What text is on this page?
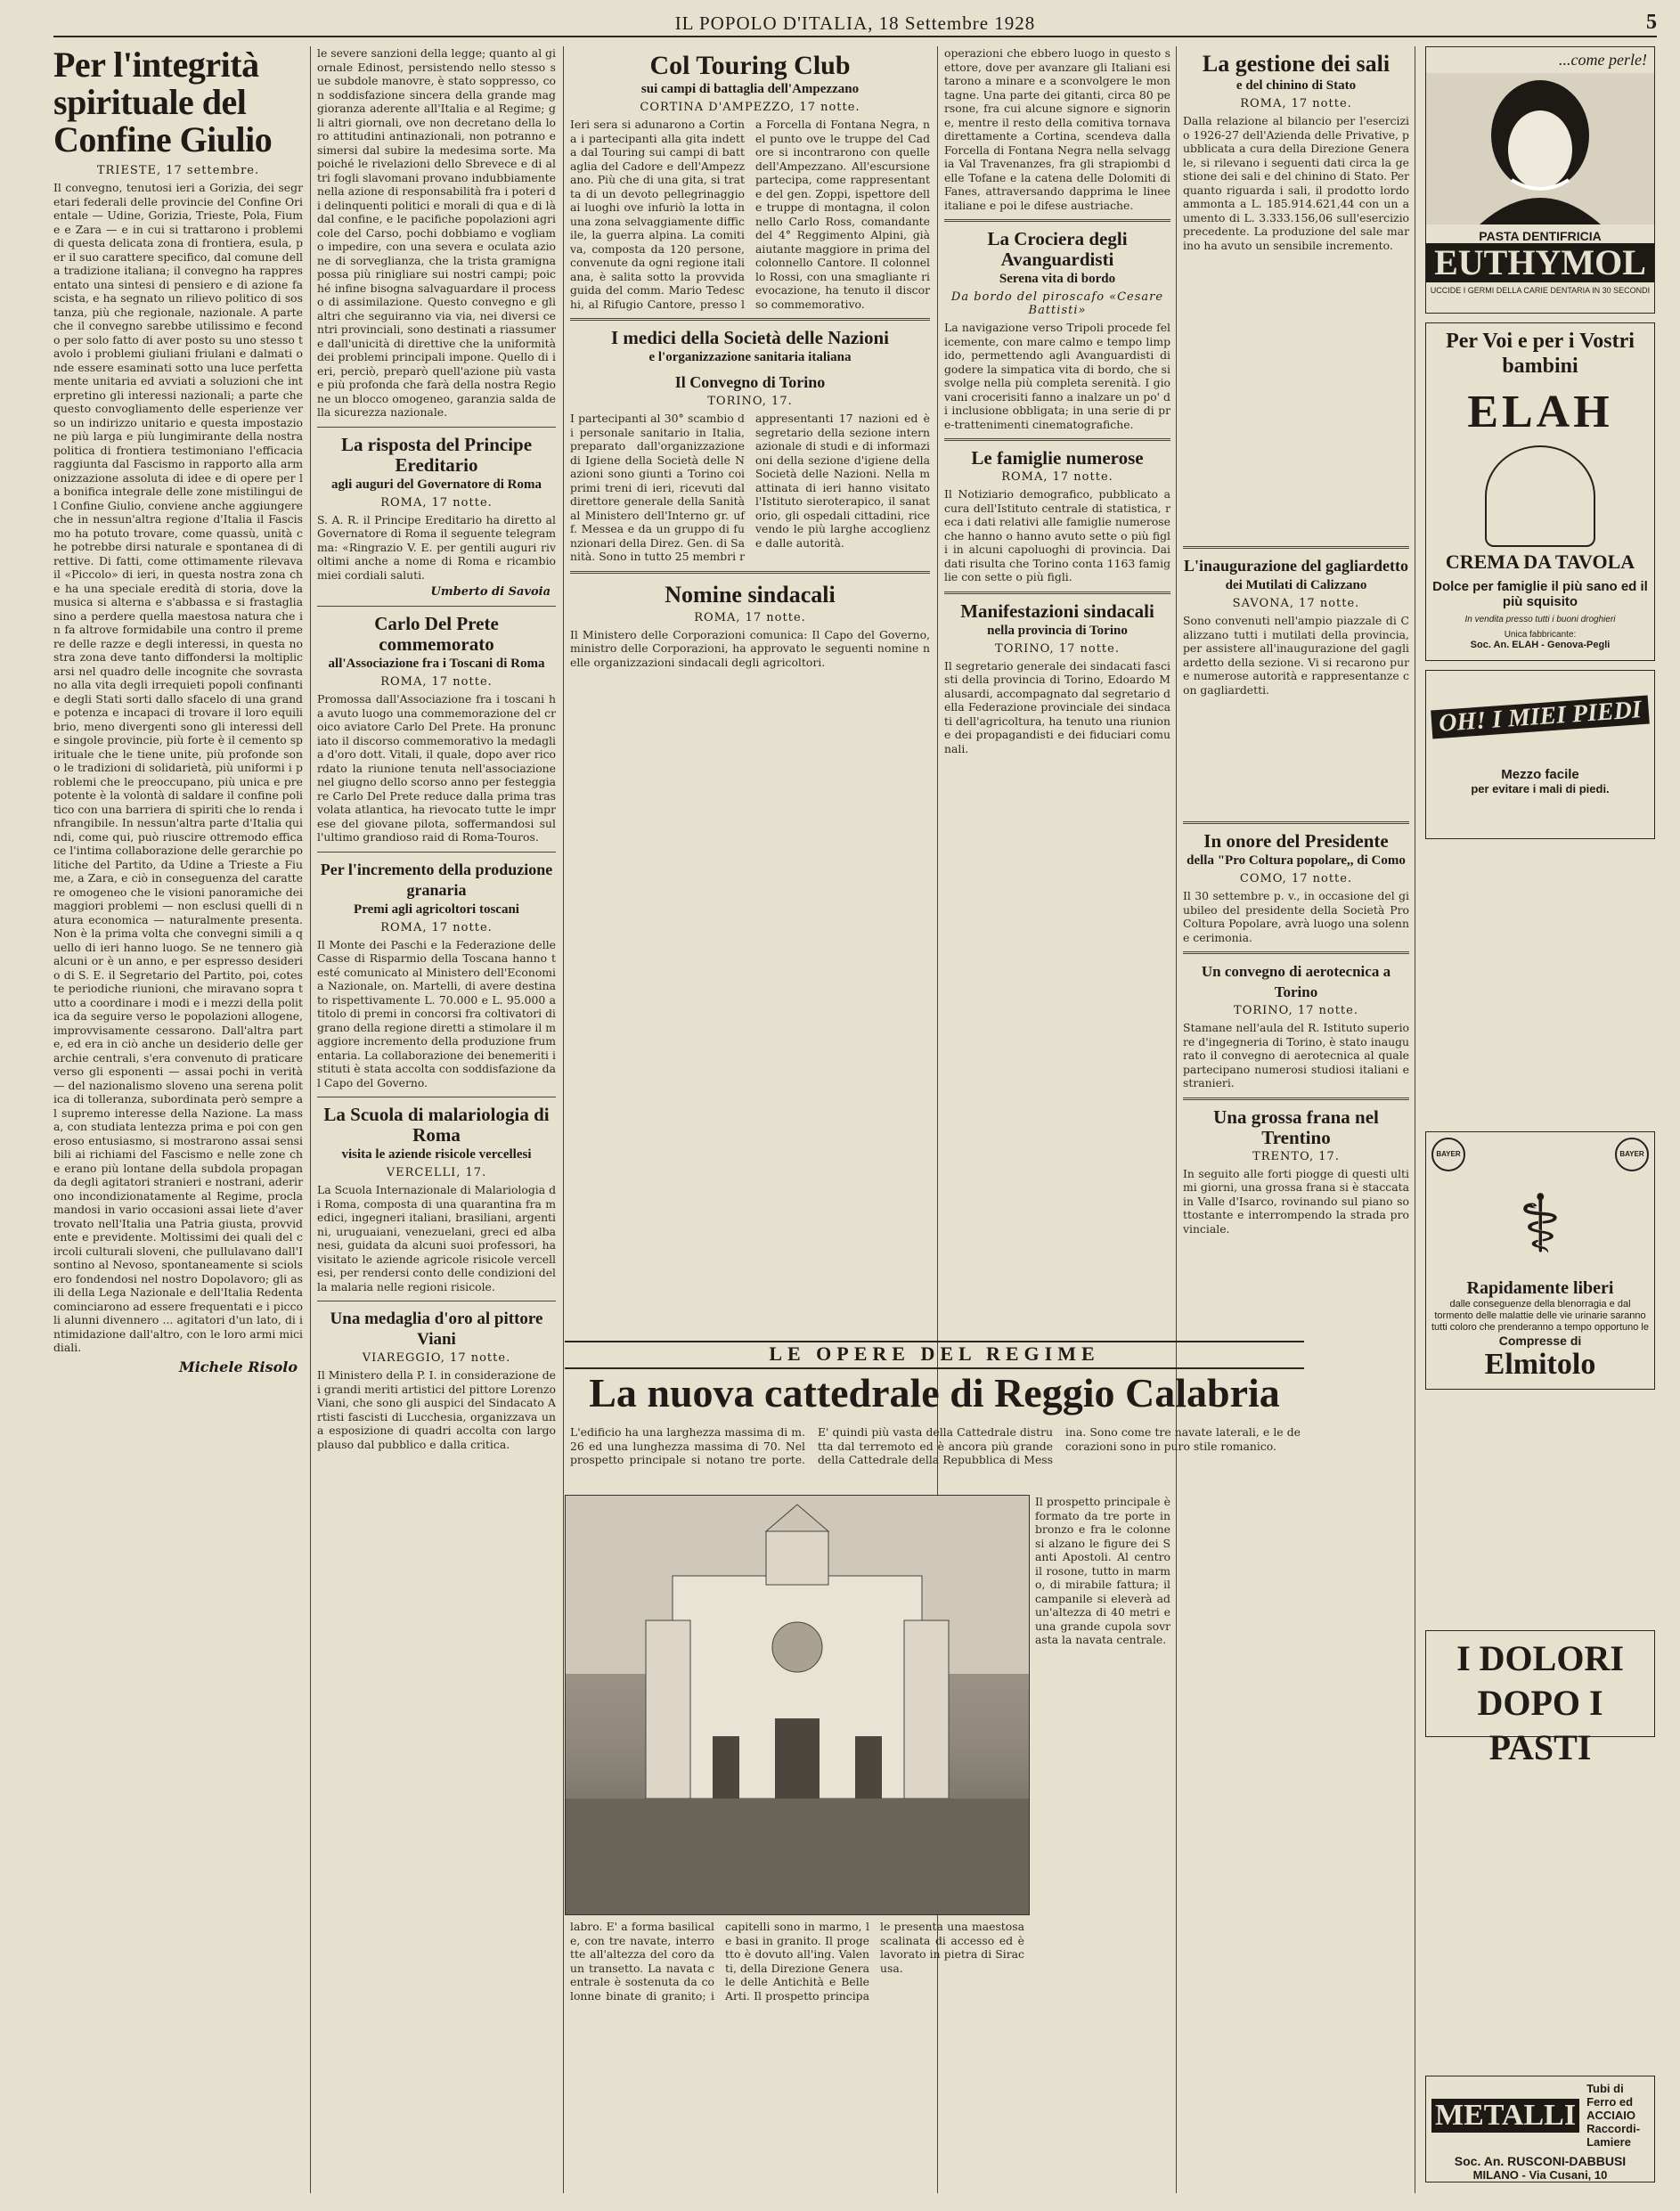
IL POPOLO D'ITALIA, 18 Settembre 1928	5
Per l'integrità spirituale del Confine Giulio
TRIESTE, 17 settembre.

Il convegno, tenutosi ieri a Gorizia, dei segretari federali delle provincie del Confine Orientale — Udine, Gorizia, Trieste, Pola, Fiume e Zara — e in cui si trattarono i problemi di questa delicata zona di frontiera, esula, per il suo carattere specifico, dal comune della tradizione italiana; il convegno ha rappresentato una sintesi di pensiero e di azione fascista, e ha segnato un rilievo politico di sostanza, più che regionale, nazionale. A parte che il convegno sarebbe utilissimo e fecondo per solo fatto di aver posto su uno stesso tavolo i problemi giuliani friulani e dalmati onde essere esaminati sotto una luce perfettamente unitaria ed avviati a soluzioni che interpretino gli interessi nazionali; a parte che questo convogliamento delle esperienze verso un indirizzo unitario e questa impostazione più larga e più lungimirante della nostra politica di frontiera testimoniano l'efficacia raggiunta dal Fascismo in rapporto alla armonizzazione assoluta di idee e di opere per la bonifica integrale delle zone mistilingui del Confine Giulio, conviene anche aggiungere che in nessun'altra regione d'Italia il Fascismo ha potuto trovare, come quassù, unità che potrebbe dirsi naturale e spontanea di direttive. Di fatti, come ottimamente rilevava il «Piccolo» di ieri, in questa nostra zona che ha una speciale eredità di storia, dove la musica si alterna e s'abbassa e si frastaglia sino a perdere quella maestosa natura che in fa altrove formidabile una contro il premere delle razze e degli interessi, in questa nostra zona deve tanto diffondersi la moltiplicarsi nel quadro delle incognite che sovrastano alla vita degli irrequieti popoli confinanti e degli Stati sorti dallo sfacelo di una grande potenza e incapaci di trovare il loro equilibrio, meno divergenti sono gli interessi delle singole provincie, più forte è il cemento spirituale che le tiene unite, più profonde sono le tradizioni di solidarietà, più uniformi i problemi che le preoccupano, più unica e prepotente è la volontà di saldare il confine politico con una barriera di spiriti che lo renda infrangibile. In nessun'altra parte d'Italia quindi, come qui, può riuscire ottremodo efficace l'intima collaborazione delle gerarchie politiche del Partito, da Udine a Trieste a Fiume, a Zara, e ciò in conseguenza del carattere omogeneo che le visioni panoramiche dei maggiori problemi — non esclusi quelli di natura economica — naturalmente presenta. Non è la prima volta che convegni simili a quello di ieri hanno luogo. Se ne tennero già alcuni or è un anno, e per espresso desiderio di S. E. il Segretario del Partito, poi, coteste periodiche riunioni, che miravano sopra tutto a coordinare i modi e i mezzi della politica da seguire verso le popolazioni allogene, improvvisamente cessarono. Dall'altra parte, ed era in ciò anche un desiderio delle gerarchie centrali, s'era convenuto di praticare verso gli esponenti — assai pochi in verità — del nazionalismo sloveno una serena politica di tolleranza, subordinata però sempre al supremo interesse della Nazione. La massa, con studiata lentezza prima e poi con generoso entusiasmo, si mostrarono assai sensibili ai richiami del Fascismo e nelle zone che erano più lontane della subdola propaganda degli agitatori stranieri e nostrani, aderirono incondizionatamente al Regime, proclamandosi in vario occasioni assai liete d'aver trovato nell'Italia una Patria giusta, provvidente e previdente. Moltissimi dei quali del circoli culturali sloveni, che pullulavano dall'Isontino al Nevoso, spontaneamente si sciolsero fondendosi nel nostro Dopolavoro; gli asili della Lega Nazionale e dell'Italia Redenta cominciarono ad essere frequentati e i piccoli alunni divennero ... agitatori d'un lato, di intimidazione dall'altro, con le loro armi micidiali.

Michele Risolo

le severe sanzioni della legge; quanto al giornale Edinost, persistendo nello stesso sue subdole manovre, è stato soppresso, con soddisfazione sincera della grande maggioranza aderente all'Italia e al Regime; gli altri giornali, ove non decretano della loro attitudini antinazionali, non potranno esimersi dal subire la medesima sorte. Ma poiché le rivelazioni dello Sbrevece e di altri fogli slavomani provano indubbiamente nella azione di responsabilità fra i poteri di delinquenti politici e morali di qua e di là dal confine, e le pacifiche popolazioni agricole del Carso, pochi dobbiamo e vogliamo impedire, con una severa e oculata azione di sorveglianza, che la trista gramigna possa più rinigliare sui nostri campi; poiché infine bisogna salvaguardare il processo di assimilazione. Questo convegno e gli altri che seguiranno via via, nei diversi centri provinciali, sono destinati a riassumere dall'unicità di direttive che la uniformità dei problemi principali impone. Quello di ieri, perciò, preparò quell'azione più vasta e più profonda che farà della nostra Regione un blocco omogeneo, garanzia salda della sicurezza nazionale.

La risposta del Principe Ereditario
agli auguri del Governatore di Roma
ROMA, 17 notte.

S. A. R. il Principe Ereditario ha diretto al Governatore di Roma il seguente telegramma: «Ringrazio V. E. per gentili auguri rivoltimi anche a nome di Roma e ricambio miei cordiali saluti.

Umberto di Savoia
Carlo Del Prete commemorato
all'Associazione fra i Toscani di Roma
ROMA, 17 notte.

Promossa dall'Associazione fra i toscani ha avuto luogo una commemorazione del croico aviatore Carlo Del Prete. Ha pronunciato il discorso commemorativo la medaglia d'oro dott. Vitali, il quale, dopo aver ricordato la riunione tenuta nell'associazione nel giugno dello scorso anno per festeggiare Carlo Del Prete reduce dalla prima trasvolata atlantica, ha rievocato tutte le imprese del giovane pilota, soffermandosi sull'ultimo grandioso raid di Roma-Touros.

Per l'incremento della produzione granaria
Premi agli agricoltori toscani
ROMA, 17 notte.

Il Monte dei Paschi e la Federazione delle Casse di Risparmio della Toscana hanno testé comunicato al Ministero dell'Economia Nazionale, on. Martelli, di avere destinato rispettivamente L. 70.000 e L. 95.000 a titolo di premi in concorsi fra coltivatori di grano della regione diretti a stimolare il maggiore incremento della produzione frumentaria. La collaborazione dei benemeriti istituti è stata accolta con soddisfazione dal Capo del Governo.

La Scuola di malariologia di Roma
visita le aziende risicole vercellesi
VERCELLI, 17.

La Scuola Internazionale di Malariologia di Roma, composta di una quarantina fra medici, ingegneri italiani, brasiliani, argentini, uruguaiani, venezuelani, greci ed albanesi, guidata da alcuni suoi professori, ha visitato le aziende agricole risicole vercellesi, per rendersi conto delle condizioni della malaria nelle regioni risicole.

Una medaglia d'oro al pittore Viani
VIAREGGIO, 17 notte.

Il Ministero della P. I. in considerazione dei grandi meriti artistici del pittore Lorenzo Viani, che sono gli auspici del Sindacato Artisti fascisti di Lucchesia, organizzava una esposizione di quadri accolta con largo plauso dal pubblico e dalla critica.

Col Touring Club
sui campi di battaglia dell'Ampezzano
CORTINA D'AMPEZZO, 17 notte.

Ieri sera si adunarono a Cortina i partecipanti alla gita indetta dal Touring sui campi di battaglia del Cadore e dell'Ampezzano. Più che di una gita, si tratta di un devoto pellegrinaggio ai luoghi ove infuriò la lotta in una zona selvaggiamente difficile, la guerra alpina. La comitiva, composta da 120 persone, convenute da ogni regione italiana, è salita sotto la provvida guida del comm. Mario Tedeschi, al Rifugio Cantore, presso la Forcella di Fontana Negra, nel punto ove le truppe del Cadore si incontrarono con quelle dell'Ampezzano. All'escursione partecipa, come rappresentante del gen. Zoppi, ispettore delle truppe di montagna, il colonnello Carlo Ross, comandante del 4° Reggimento Alpini, già aiutante maggiore in prima del colonnello Cantore. Il colonnello Rossi, con una smagliante rievocazione, ha tenuto il discorso commemorativo.

I medici della Società delle Nazioni
e l'organizzazione sanitaria italiana
Il Convegno di Torino
TORINO, 17.

I partecipanti al 30° scambio di personale sanitario in Italia, preparato dall'organizzazione di Igiene della Società delle Nazioni sono giunti a Torino coi primi treni di ieri, ricevuti dal direttore generale della Sanità al Ministero dell'Interno gr. uff. Messea e da un gruppo di funzionari della Direz. Gen. di Sanità. Sono in tutto 25 membri rappresentanti 17 nazioni ed è segretario della sezione internazionale di studi e di informazioni della sezione d'igiene della Società delle Nazioni. Nella mattinata di ieri hanno visitato l'Istituto sieroterapico, il sanatorio, gli ospedali cittadini, ricevendo le più larghe accoglienze dalle autorità.

Nomine sindacali
ROMA, 17 notte.

Il Ministero delle Corporazioni comunica: Il Capo del Governo, ministro delle Corporazioni, ha approvato le seguenti nomine nelle organizzazioni sindacali degli agricoltori.

operazioni che ebbero luogo in questo settore, dove per avanzare gli Italiani esitarono a minare e a sconvolgere le montagne. Una parte dei gitanti, circa 80 persone, fra cui alcune signore e signorine, mentre il resto della comitiva tornava direttamente a Cortina, scendeva dalla Forcella di Fontana Negra nella selvaggia Val Travenanzes, fra gli strapiombi delle Tofane e la catena delle Dolomiti di Fanes, attraversando dapprima le linee italiane e poi le difese austriache.

La Crociera degli Avanguardisti
Serena vita di bordo
Da bordo del piroscafo «Cesare Battisti»

La navigazione verso Tripoli procede felicemente, con mare calmo e tempo limpido, permettendo agli Avanguardisti di godere la simpatica vita di bordo, che si svolge nella più completa serenità. I giovani crocerisiti fanno a inalzare un po' di inclusione obbligata; in una serie di pre-trattenimenti cinematografiche.

Le famiglie numerose
ROMA, 17 notte.

Il Notiziario demografico, pubblicato a cura dell'Istituto centrale di statistica, reca i dati relativi alle famiglie numerose che hanno o hanno avuto sette o più figli in alcuni capoluoghi di provincia. Dai dati risulta che Torino conta 1163 famiglie con sette o più figli.

Manifestazioni sindacali
nella provincia di Torino
TORINO, 17 notte.

Il segretario generale dei sindacati fascisti della provincia di Torino, Edoardo Malusardi, accompagnato dal segretario della Federazione provinciale dei sindacati dell'agricoltura, ha tenuto una riunione dei propagandisti e dei fiduciari comunali.

LE OPERE DEL REGIME
La nuova cattedrale di Reggio Calabria

L'edificio ha una larghezza massima di m. 26 ed una lunghezza massima di 70. Nel prospetto principale si notano tre porte. E' quindi più vasta della Cattedrale distrutta dal terremoto ed è ancora più grande della Cattedrale della Repubblica di Messina. Sono come tre navate laterali, e le decorazioni sono in puro stile romanico.

Il prospetto principale è formato da tre porte in bronzo e fra le colonne si alzano le figure dei Santi Apostoli. Al centro il rosone, tutto in marmo, di mirabile fattura; il campanile si eleverà ad un'altezza di 40 metri e una grande cupola sovrasta la navata centrale.

labro. E' a forma basilicale, con tre navate, interrotte all'altezza del coro da un transetto. La navata centrale è sostenuta da colonne binate di granito; i capitelli sono in marmo, le basi in granito. Il progetto è dovuto all'ing. Valenti, della Direzione Generale delle Antichità e Belle Arti. Il prospetto principale presenta una maestosa scalinata di accesso ed è lavorato in pietra di Siracusa.

La gestione dei sali
e del chinino di Stato
ROMA, 17 notte.

Dalla relazione al bilancio per l'esercizio 1926-27 dell'Azienda delle Privative, pubblicata a cura della Direzione Generale, si rilevano i seguenti dati circa la gestione dei sali e del chinino di Stato. Per quanto riguarda i sali, il prodotto lordo ammonta a L. 185.914.621,44 con un aumento di L. 3.333.156,06 sull'esercizio precedente. La produzione del sale marino ha avuto un sensibile incremento.

L'inaugurazione del gagliardetto
dei Mutilati di Calizzano
SAVONA, 17 notte.

Sono convenuti nell'ampio piazzale di Calizzano tutti i mutilati della provincia, per assistere all'inaugurazione del gagliardetto della sezione. Vi si recarono pure numerose autorità e rappresentanze con gagliardetti.

In onore del Presidente
della "Pro Coltura popolare,, di Como
COMO, 17 notte.

Il 30 settembre p. v., in occasione del giubileo del presidente della Società Pro Coltura Popolare, avrà luogo una solenne cerimonia.

Un convegno di aerotecnica a Torino
TORINO, 17 notte.

Stamane nell'aula del R. Istituto superiore d'ingegneria di Torino, è stato inaugurato il convegno di aerotecnica al quale partecipano numerosi studiosi italiani e stranieri.

Una grossa frana nel Trentino
TRENTO, 17.

In seguito alle forti piogge di questi ultimi giorni, una grossa frana si è staccata in Valle d'Isarco, rovinando sul piano sottostante e interrompendo la strada provinciale.

...come perle!
PASTA DENTIFRICIA
EUTHYMOL
UCCIDE I GERMI DELLA CARIE DENTARIA IN 30 SECONDI
Per Voi e per i Vostri bambini
ELAH
CREMA DA TAVOLA
Dolce per famiglie il più sano ed il più squisito
In vendita presso tutti i buoni droghieri
Unica fabbricante:
Soc. An. ELAH - Genova-Pegli
OH! I MIEI PIEDI
Mezzo facile
per evitare i mali di piedi.
BAYER	BAYER
⚕
Rapidamente liberi
dalle conseguenze della blenorragia e dal tormento delle malattie delle vie urinarie saranno tutti coloro che prenderanno a tempo opportuno le
Compresse di
Elmitolo
I DOLORI DOPO I PASTI
METALLI
Tubi di Ferro ed ACCIAIO
Raccordi-Lamiere
Soc. An. RUSCONI-DABBUSI
MILANO - Via Cusani, 10
